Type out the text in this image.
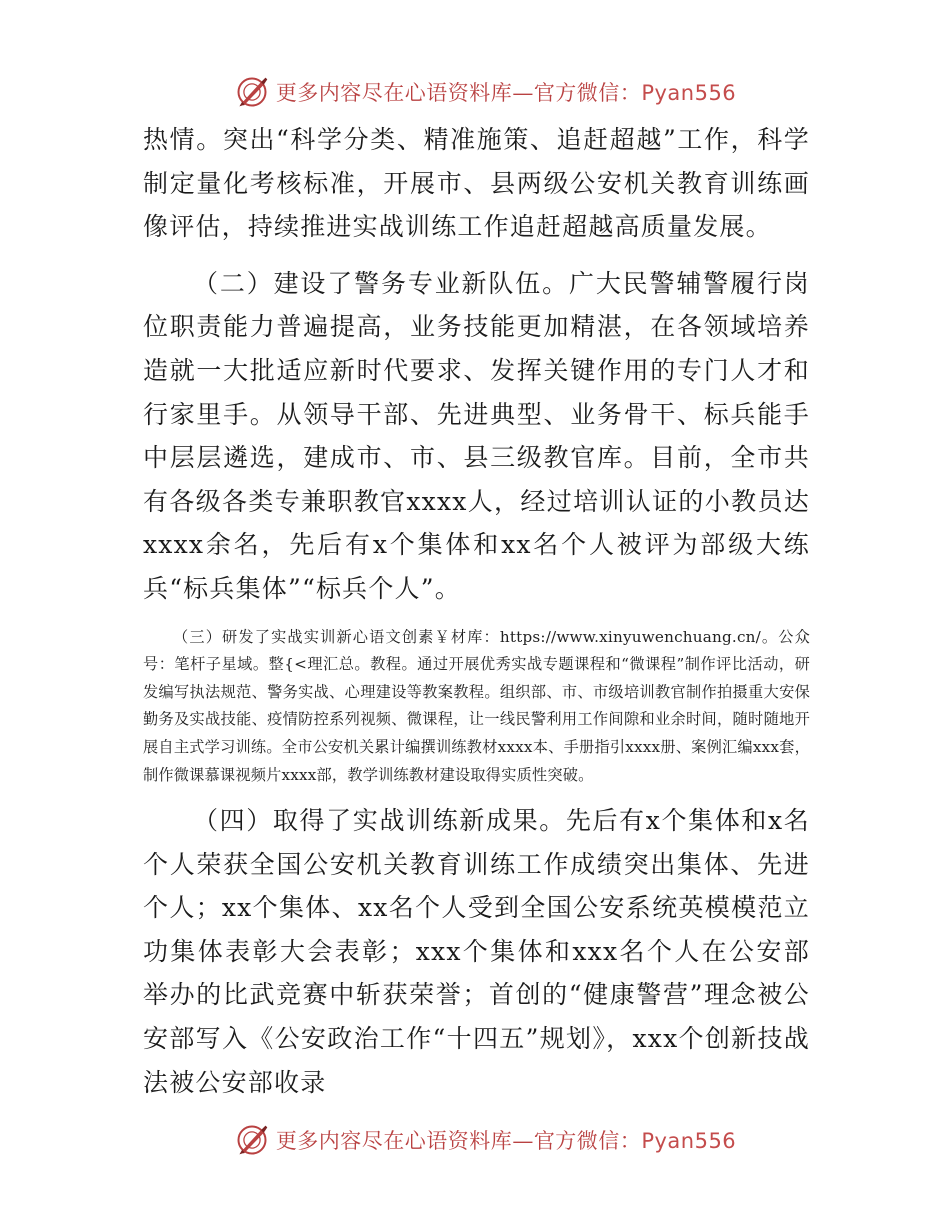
更多内容尽在心语资料库—官方微信：Pyan556

热情。突出“科学分类、精准施策、追赶超越”工作，科学制定量化考核标准，开展市、县两级公安机关教育训练画像评估，持续推进实战训练工作追赶超越高质量发展。

（二）建设了警务专业新队伍。广大民警辅警履行岗位职责能力普遍提高，业务技能更加精湛，在各领域培养造就一大批适应新时代要求、发挥关键作用的专门人才和行家里手。从领导干部、先进典型、业务骨干、标兵能手中层层遴选，建成市、市、县三级教官库。目前，全市共有各级各类专兼职教官xxxx人，经过培训认证的小教员达xxxx余名，先后有x个集体和xx名个人被评为部级大练兵“标兵集体”“标兵个人”。

（三）研发了实战实训新心语文创素￥材库：https://www.xinyuwenchuang.cn/。公众号：笔杆子星域。整{<理汇总。教程。通过开展优秀实战专题课程和“微课程”制作评比活动，研发编写执法规范、警务实战、心理建设等教案教程。组织部、市、市级培训教官制作拍摄重大安保勤务及实战技能、疫情防控系列视频、微课程，让一线民警利用工作间隙和业余时间，随时随地开展自主式学习训练。全市公安机关累计编撰训练教材xxxx本、手册指引xxxx册、案例汇编xxx套，制作微课慕课视频片xxxx部，教学训练教材建设取得实质性突破。

（四）取得了实战训练新成果。先后有x个集体和x名个人荣获全国公安机关教育训练工作成绩突出集体、先进个人；xx个集体、xx名个人受到全国公安系统英模模范立功集体表彰大会表彰；xxx个集体和xxx名个人在公安部举办的比武竞赛中斩获荣誉；首创的“健康警营”理念被公安部写入《公安政治工作“十四五”规划》，xxx个创新技战法被公安部收录

更多内容尽在心语资料库—官方微信：Pyan556
